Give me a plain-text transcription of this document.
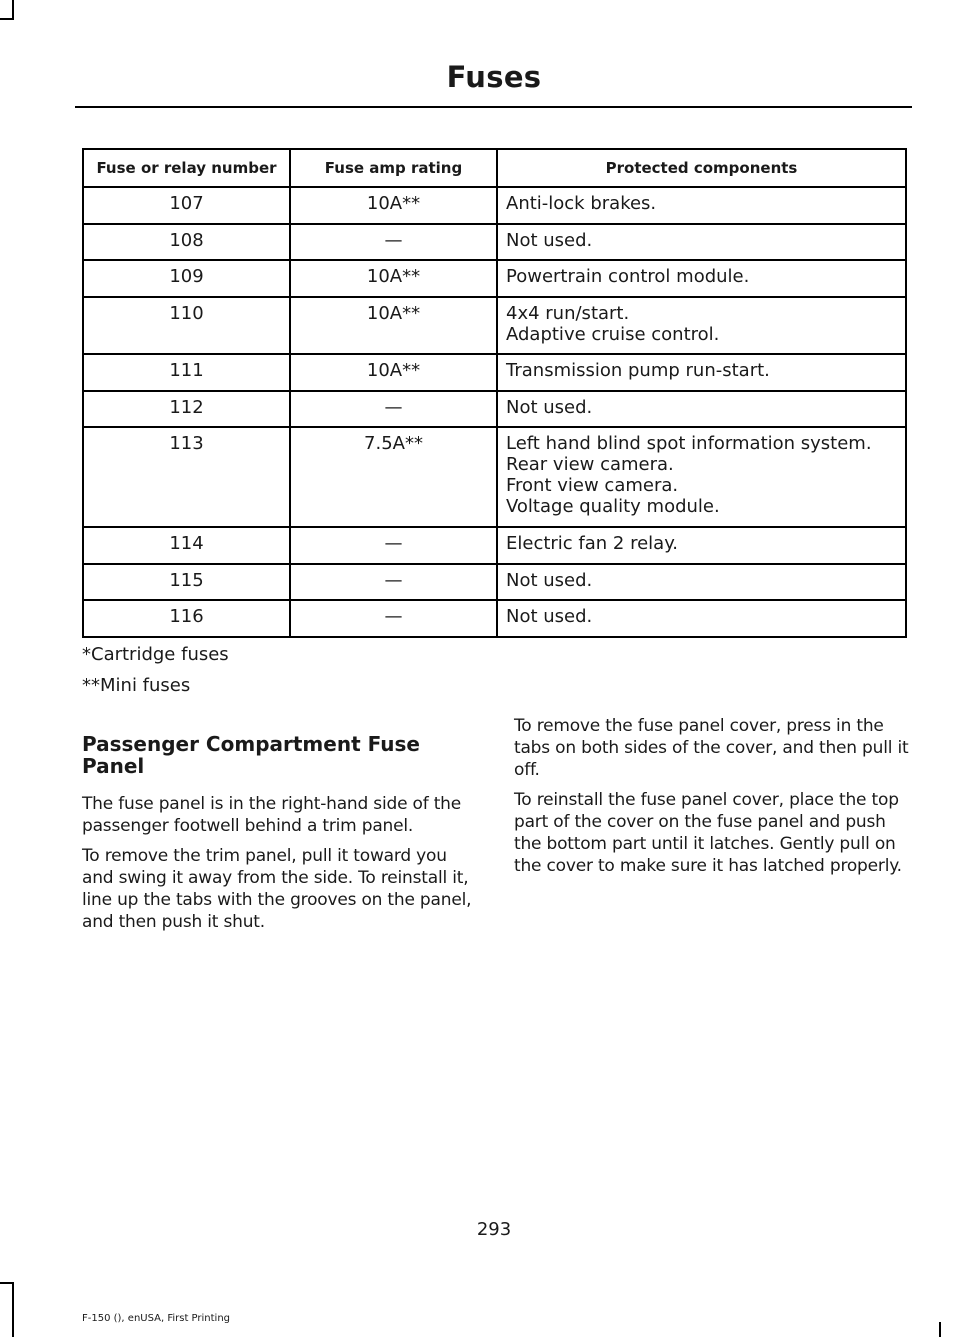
Fuses
Fuse or relay number	Fuse amp rating	Protected components
107	10A**	Anti-lock brakes.

108	—	Not used.

109	10A**	Powertrain control module.

110	10A**	4x4 run/start.
Adaptive cruise control.

111	10A**	Transmission pump run-start.

112	—	Not used.

113	7.5A**	Left hand blind spot information system.
Rear view camera.
Front view camera.
Voltage quality module.

114	—	Electric fan 2 relay.

115	—	Not used.

116	—	Not used.
*Cartridge fuses
**Mini fuses
Passenger Compartment Fuse Panel
The fuse panel is in the right-hand side of the passenger footwell behind a trim panel.
To remove the trim panel, pull it toward you and swing it away from the side. To reinstall it, line up the tabs with the grooves on the panel, and then push it shut.
To remove the fuse panel cover, press in the tabs on both sides of the cover, and then pull it off.
To reinstall the fuse panel cover, place the top part of the cover on the fuse panel and push the bottom part until it latches. Gently pull on the cover to make sure it has latched properly.
293
F-150 (), enUSA, First Printing
